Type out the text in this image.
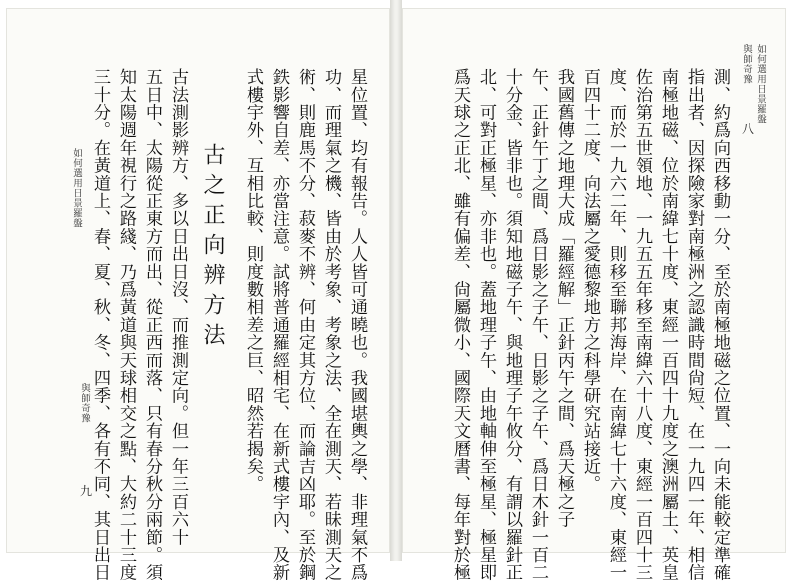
如何選用日景羅盤
與師奇豫
九	星位置、均有報告。人人皆可通曉也。我國堪輿之學、非理氣不爲
功、而理氣之機、皆由於考象、考象之法、全在測天、若昧測天之
術、則鹿馬不分、菽麥不辨、何由定其方位、而論吉凶耶。至於鋼
鉄影響自差、亦當注意。試將普通羅經相宅、在新式樓宇內、及新
式樓宇外、互相比較、則度數相差之巨、昭然若揭矣。
古之正向辨方法
古法測影辨方、多以日出日沒、而推測定向。但一年三百六十
五日中、太陽從正東方而出、從正西而落、只有春分秋分兩節。須
知太陽週年視行之路綫、乃爲黃道與天球相交之點、大約二十三度
三十分。在黃道上、春、夏、秋、冬、四季、各有不同、其日出日	如何選用日景羅盤
與師奇豫
八
測、約爲向西移動一分、至於南極地磁之位置、一向未能較定準確
指出者、因探險家對南極洲之認識時間尙短、在一九四一年、相信
南極地磁、位於南緯七十度、東經一百四十九度之澳洲屬土、英皇
佐治第五世領地、一九五五年移至南緯六十八度、東經一百四十三
度、而於一九六二年、則移至聯邦海岸、在南緯七十六度、東經一
百四十二度、向法屬之愛德黎地方之科學研究站接近。
我國舊傳之地理大成「羅經解」正針丙午之間、爲天極之子
午、正針午丁之間、爲日影之子午、日影之子午、爲日木針一百二
十分金、皆非也。須知地磁子午、與地理子午攸分、有謂以羅針正
北、可對正極星、亦非也。蓋地理子午、由地軸伸至極星、極星即
爲天球之正北、雖有偏差、尙屬微小、國際天文曆書、每年對於極
